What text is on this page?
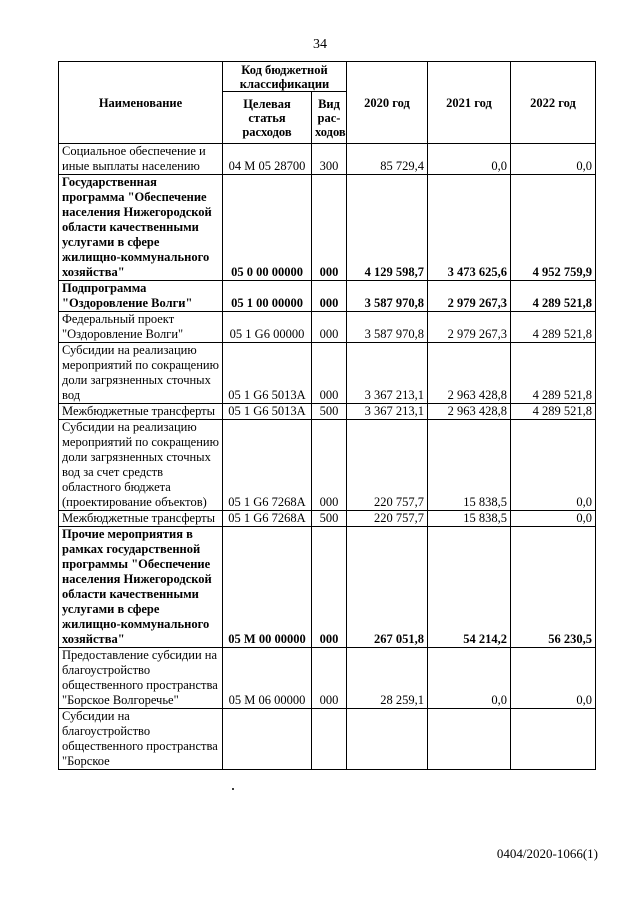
34
Наименование	Код бюджетной классификации		2020 год	2021 год	2022 год
	Целевая статья расходов	Вид рас-ходов			
Социальное обеспечение и иные выплаты населению	04 M 05 28700	300	85 729,4	0,0	0,0
Государственная программа "Обеспечение населения Нижегородской области качественными услугами в сфере жилищно-коммунального хозяйства"	05 0 00 00000	000	4 129 598,7	3 473 625,6	4 952 759,9
Подпрограмма "Оздоровление Волги"	05 1 00 00000	000	3 587 970,8	2 979 267,3	4 289 521,8
Федеральный проект "Оздоровление Волги"	05 1 G6 00000	000	3 587 970,8	2 979 267,3	4 289 521,8
Субсидии на реализацию мероприятий по сокращению доли загрязненных сточных вод	05 1 G6 5013A	000	3 367 213,1	2 963 428,8	4 289 521,8
Межбюджетные трансферты	05 1 G6 5013A	500	3 367 213,1	2 963 428,8	4 289 521,8
Субсидии на реализацию мероприятий по сокращению доли загрязненных сточных вод за счет средств областного бюджета (проектирование объектов)	05 1 G6 7268A	000	220 757,7	15 838,5	0,0
Межбюджетные трансферты	05 1 G6 7268A	500	220 757,7	15 838,5	0,0
Прочие мероприятия в рамках государственной программы "Обеспечение населения Нижегородской области качественными услугами в сфере жилищно-коммунального хозяйства"	05 M 00 00000	000	267 051,8	54 214,2	56 230,5
Предоставление субсидии на благоустройство общественного пространства "Борское Волгоречье"	05 M 06 00000	000	28 259,1	0,0	0,0
Субсидии на благоустройство общественного пространства "Борское					
0404/2020-1066(1)
